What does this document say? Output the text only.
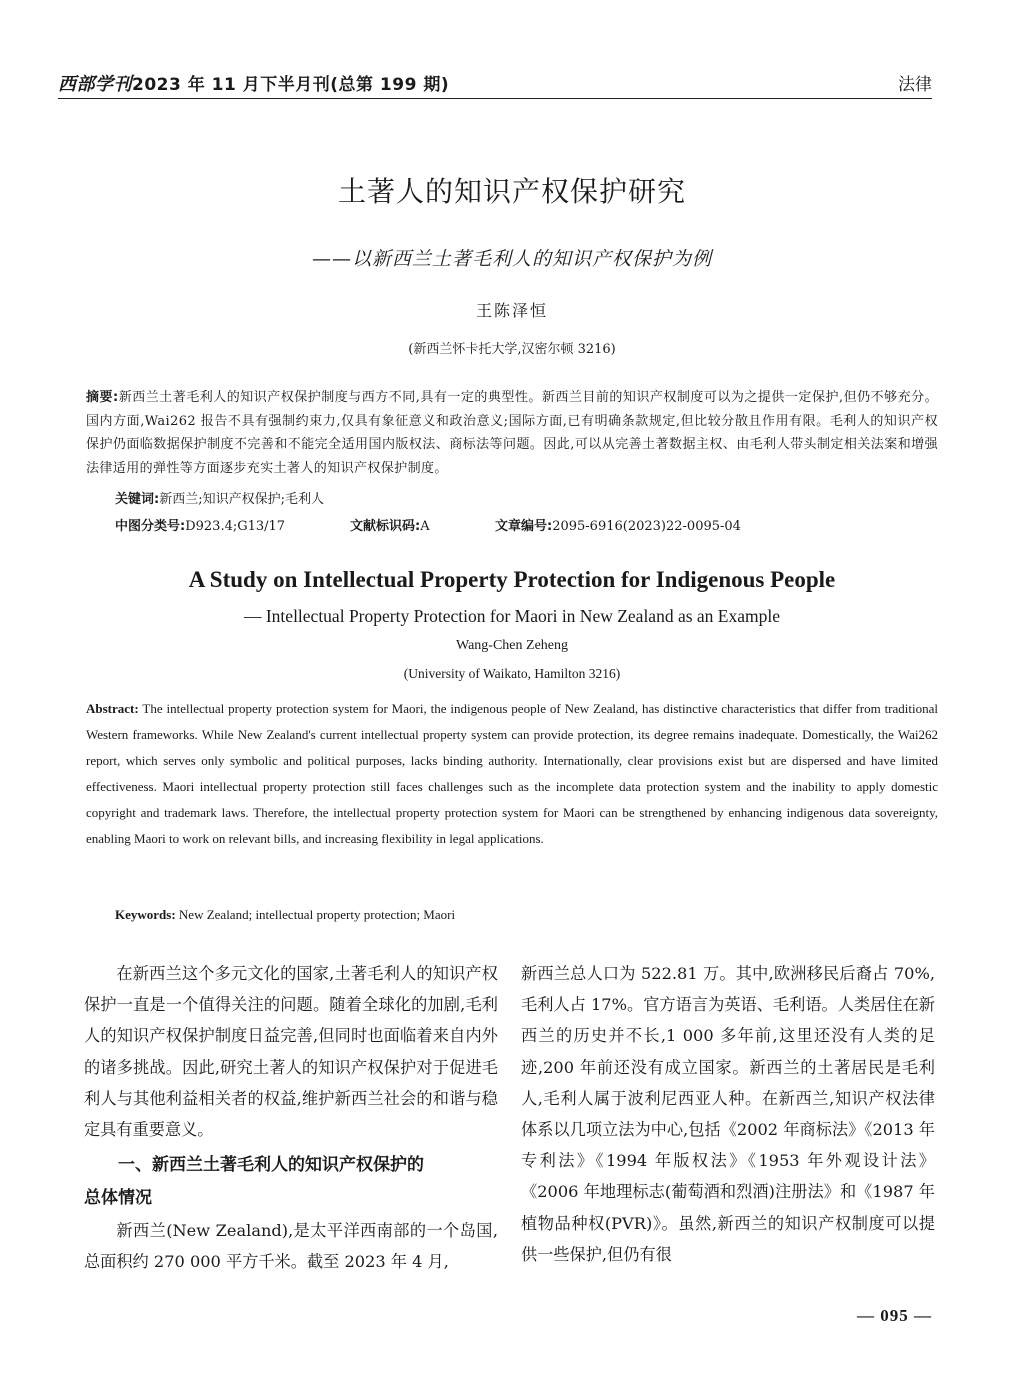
西部学刊2023 年 11 月下半月刊(总第 199 期)	法律
土著人的知识产权保护研究
——以新西兰土著毛利人的知识产权保护为例
王陈泽恒
(新西兰怀卡托大学,汉密尔顿 3216)
摘要:新西兰土著毛利人的知识产权保护制度与西方不同,具有一定的典型性。新西兰目前的知识产权制度可以为之提供一定保护,但仍不够充分。国内方面,Wai262 报告不具有强制约束力,仅具有象征意义和政治意义;国际方面,已有明确条款规定,但比较分散且作用有限。毛利人的知识产权保护仍面临数据保护制度不完善和不能完全适用国内版权法、商标法等问题。因此,可以从完善土著数据主权、由毛利人带头制定相关法案和增强法律适用的弹性等方面逐步充实土著人的知识产权保护制度。
关键词:新西兰;知识产权保护;毛利人
中图分类号:D923.4;G13/17	文献标识码:A	文章编号:2095-6916(2023)22-0095-04
A Study on Intellectual Property Protection for Indigenous People
— Intellectual Property Protection for Maori in New Zealand as an Example
Wang-Chen Zeheng
(University of Waikato, Hamilton 3216)
Abstract: The intellectual property protection system for Maori, the indigenous people of New Zealand, has distinctive characteristics that differ from traditional Western frameworks. While New Zealand's current intellectual property system can provide protection, its degree remains inadequate. Domestically, the Wai262 report, which serves only symbolic and political purposes, lacks binding authority. Internationally, clear provisions exist but are dispersed and have limited effectiveness. Maori intellectual property protection still faces challenges such as the incomplete data protection system and the inability to apply domestic copyright and trademark laws. Therefore, the intellectual property protection system for Maori can be strengthened by enhancing indigenous data sovereignty, enabling Maori to work on relevant bills, and increasing flexibility in legal applications.
Keywords: New Zealand; intellectual property protection; Maori

在新西兰这个多元文化的国家,土著毛利人的知识产权保护一直是一个值得关注的问题。随着全球化的加剧,毛利人的知识产权保护制度日益完善,但同时也面临着来自内外的诸多挑战。因此,研究土著人的知识产权保护对于促进毛利人与其他利益相关者的权益,维护新西兰社会的和谐与稳定具有重要意义。

一、新西兰土著毛利人的知识产权保护的
总体情况

新西兰(New Zealand),是太平洋西南部的一个岛国,总面积约 270 000 平方千米。截至 2023 年 4 月,

新西兰总人口为 522.81 万。其中,欧洲移民后裔占 70%,毛利人占 17%。官方语言为英语、毛利语。人类居住在新西兰的历史并不长,1 000 多年前,这里还没有人类的足迹,200 年前还没有成立国家。新西兰的土著居民是毛利人,毛利人属于波利尼西亚人种。在新西兰,知识产权法律体系以几项立法为中心,包括《2002 年商标法》《2013 年专利法》《1994 年版权法》《1953 年外观设计法》《2006 年地理标志(葡萄酒和烈酒)注册法》和《1987 年植物品种权(PVR)》。虽然,新西兰的知识产权制度可以提供一些保护,但仍有很

— 095 —
